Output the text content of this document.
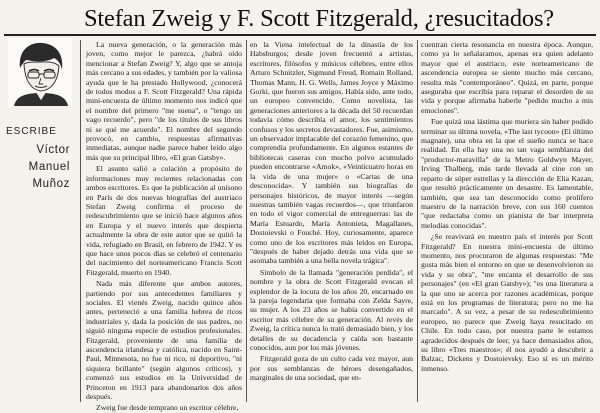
Stefan Zweig y F. Scott Fitzgerald, ¿resucitados?
ESCRIBE
Víctor
Manuel
Muñoz

La nueva generación, o la generación más joven, como mejor le parezca, ¿habrá oído mencionar a Stefan Zweig? Y, algo que se antoja más cercano a sus edades, y también por la valiosa ayuda que le ha prestado Hollywood, ¿conocerá de todos modos a F. Scott Fitzgerald? Una rápida mini-encuesta de último momento nos indicó que el nombre del primero "me suena", o "tengo un vago recuerdo", pero "de los títulos de sus libros ni se qué me acuerdo". El nombre del segundo provocó, en cambio, respuestas afirmativas inmediatas, aunque nadie parece haber leído algo más que su principal libro, «El gran Gatsby».

El asunto salió a colación a propósito de informaciones muy recientes relacionadas con ambos escritores. Es que la publicación al unísono en París de dos nuevas biografías del austriaco Stefan Zweig confirma el proceso de redescubrimiento que se inició hace algunos años en Europa y el nuevo interés que despierta actualmente la obra de este autor que se quitó la vida, refugiado en Brasil, en febrero de 1942. Y es que hace unos pocos días se celebró el centenario del nacimiento del norteamericano Francis Scott Fitzgerald, muerto en 1940.

Nada más diferente que ambos autores, partiendo por sus antecedentes familiares y sociales. El vienés Zweig, nacido quince años antes, perteneció a una familia hebrea de ricos industriales y, dada la posición de sus padres, no siguió ninguna especie de estudios profesionales. Fitzgerald, proveniente de una familia de ascendencia irlandesa y católica, nacido en Saint-Paul, Minnesota, no fue ni rico, ni deportivo, "ni siquiera brillante" (según algunos críticos), y comenzó sus estudios en la Universidad de Princeton en 1913 para abandonarlos dos años después.

Zweig fue desde temprano un escritor célebre,

en la Viena intelectual de la dinastía de los Habsburgos; desde joven frecuentó a artistas, escritores, filósofos y músicos célebres, entre ellos Arturo Schnitzler, Sigmund Freud, Romain Rolland, Thomas Mann, H. G. Wells, James Joyce y Máximo Gorki, que fueron sus amigos. Había sido, ante todo, un europeo convencido. Como novelista, las generaciones anteriores a la década del 50 recuerdan todavía cómo describía el amor, los sentimientos confusos y los secretos devastadores. Fue, asimismo, un observador implacable del corazón femenino, que comprendía profundamente. En algunos estantes de bibliotecas caseras con mucho polvo acumulado pueden encontrarse «Amok», «Veinticuatro horas en la vida de una mujer» o «Cartas de una desconocida». Y también sus biografías de personajes históricos, de mayor interés —según nuestras también vagas recuerdos—, que triunfaron en todo el vigor comercial de entreguerras: las de María Estuardo, María Antonieta, Magallanes, Dostoievski o Fouché. Hoy, curiosamente, aparece como uno de los escritores más leídos en Europa, "después de haber dejado detrás una vida que se asomaba también a una bella novela trágica".

Símbolo de la llamada "generación perdida", el nombre y la obra de Scott Fitzgerald evocan el esplendor de la locura de los años 20, encarnado en la pareja legendaria que formaba con Zelda Sayre, su mujer. A los 23 años se había convertido en el escritor más célebre de su generación. Al revés de Zweig, la crítica nunca lo trató demasiado bien, y los detalles de su decadencia y caída son bastante conocidos, aun por los más jóvenes.

Fitzgerald goza de un culto cada vez mayor, aun por sus semblanzas de héroes desengañados, marginales de una sociedad, que en-

cuentran cierta resonancia en nuestra época. Aunque, como ya lo señalaramos, apenas era quien adelanto mayor que el austriaco, este norteamericano de ascendencia europea se siente mucho más cercano, resulta más "contemporáneo". Quizá, en parte, porque aseguraba que escribía para reparar el desorden de su vida y porque afirmaba haberle "pedido mucho a mis emociones".

Fue quizá una lástima que muriera sin haber podido terminar su última novela, «The last tycoon» (El último magnate), una obra en la que el sueño nunca se hace realidad. En ella hay una no tan vaga semblanza del "productor-maravilla" de la Metro Goldwyn Mayer, Irving Thalberg, más tarde llevada al cine con un reparto de súper estrellas y la dirección de Elia Kazan, que resultó prácticamente un desastre. Es lamentable, también, que sea tan desconocido como prolífero maestro de la narración breve, con sus 160 cuentos "que redactaba como un pianista de bar interpreta melodías conocidas".

¿Se reavivará en nuestro país el interés por Scott Fitzgerald? En nuestra mini-encuesta de último momento, nos procuraron de algunas respuestas: "Me gusta más bien el entorno en que se desenvolvieron su vida y su obra", "me encanta el desarrollo de sus personajes" (en «El gran Gatsby»); "es una literatura a la que uno se acerca por razones académicas, porque está en los programas de literatura; pero no me ha marcado". A su vez, a pesar de su redescubrimiento europeo, no parece que Zweig haya resucitado en Chile. En todo caso, por nuestra parte le estamos agradecidos después de leer, ya hace demasiados años, su libro «Tres maestros»; él nos ayudó a descubrir a Balzac, Dickens y Dostoievsky. Eso sí es un mérito inmenso.
